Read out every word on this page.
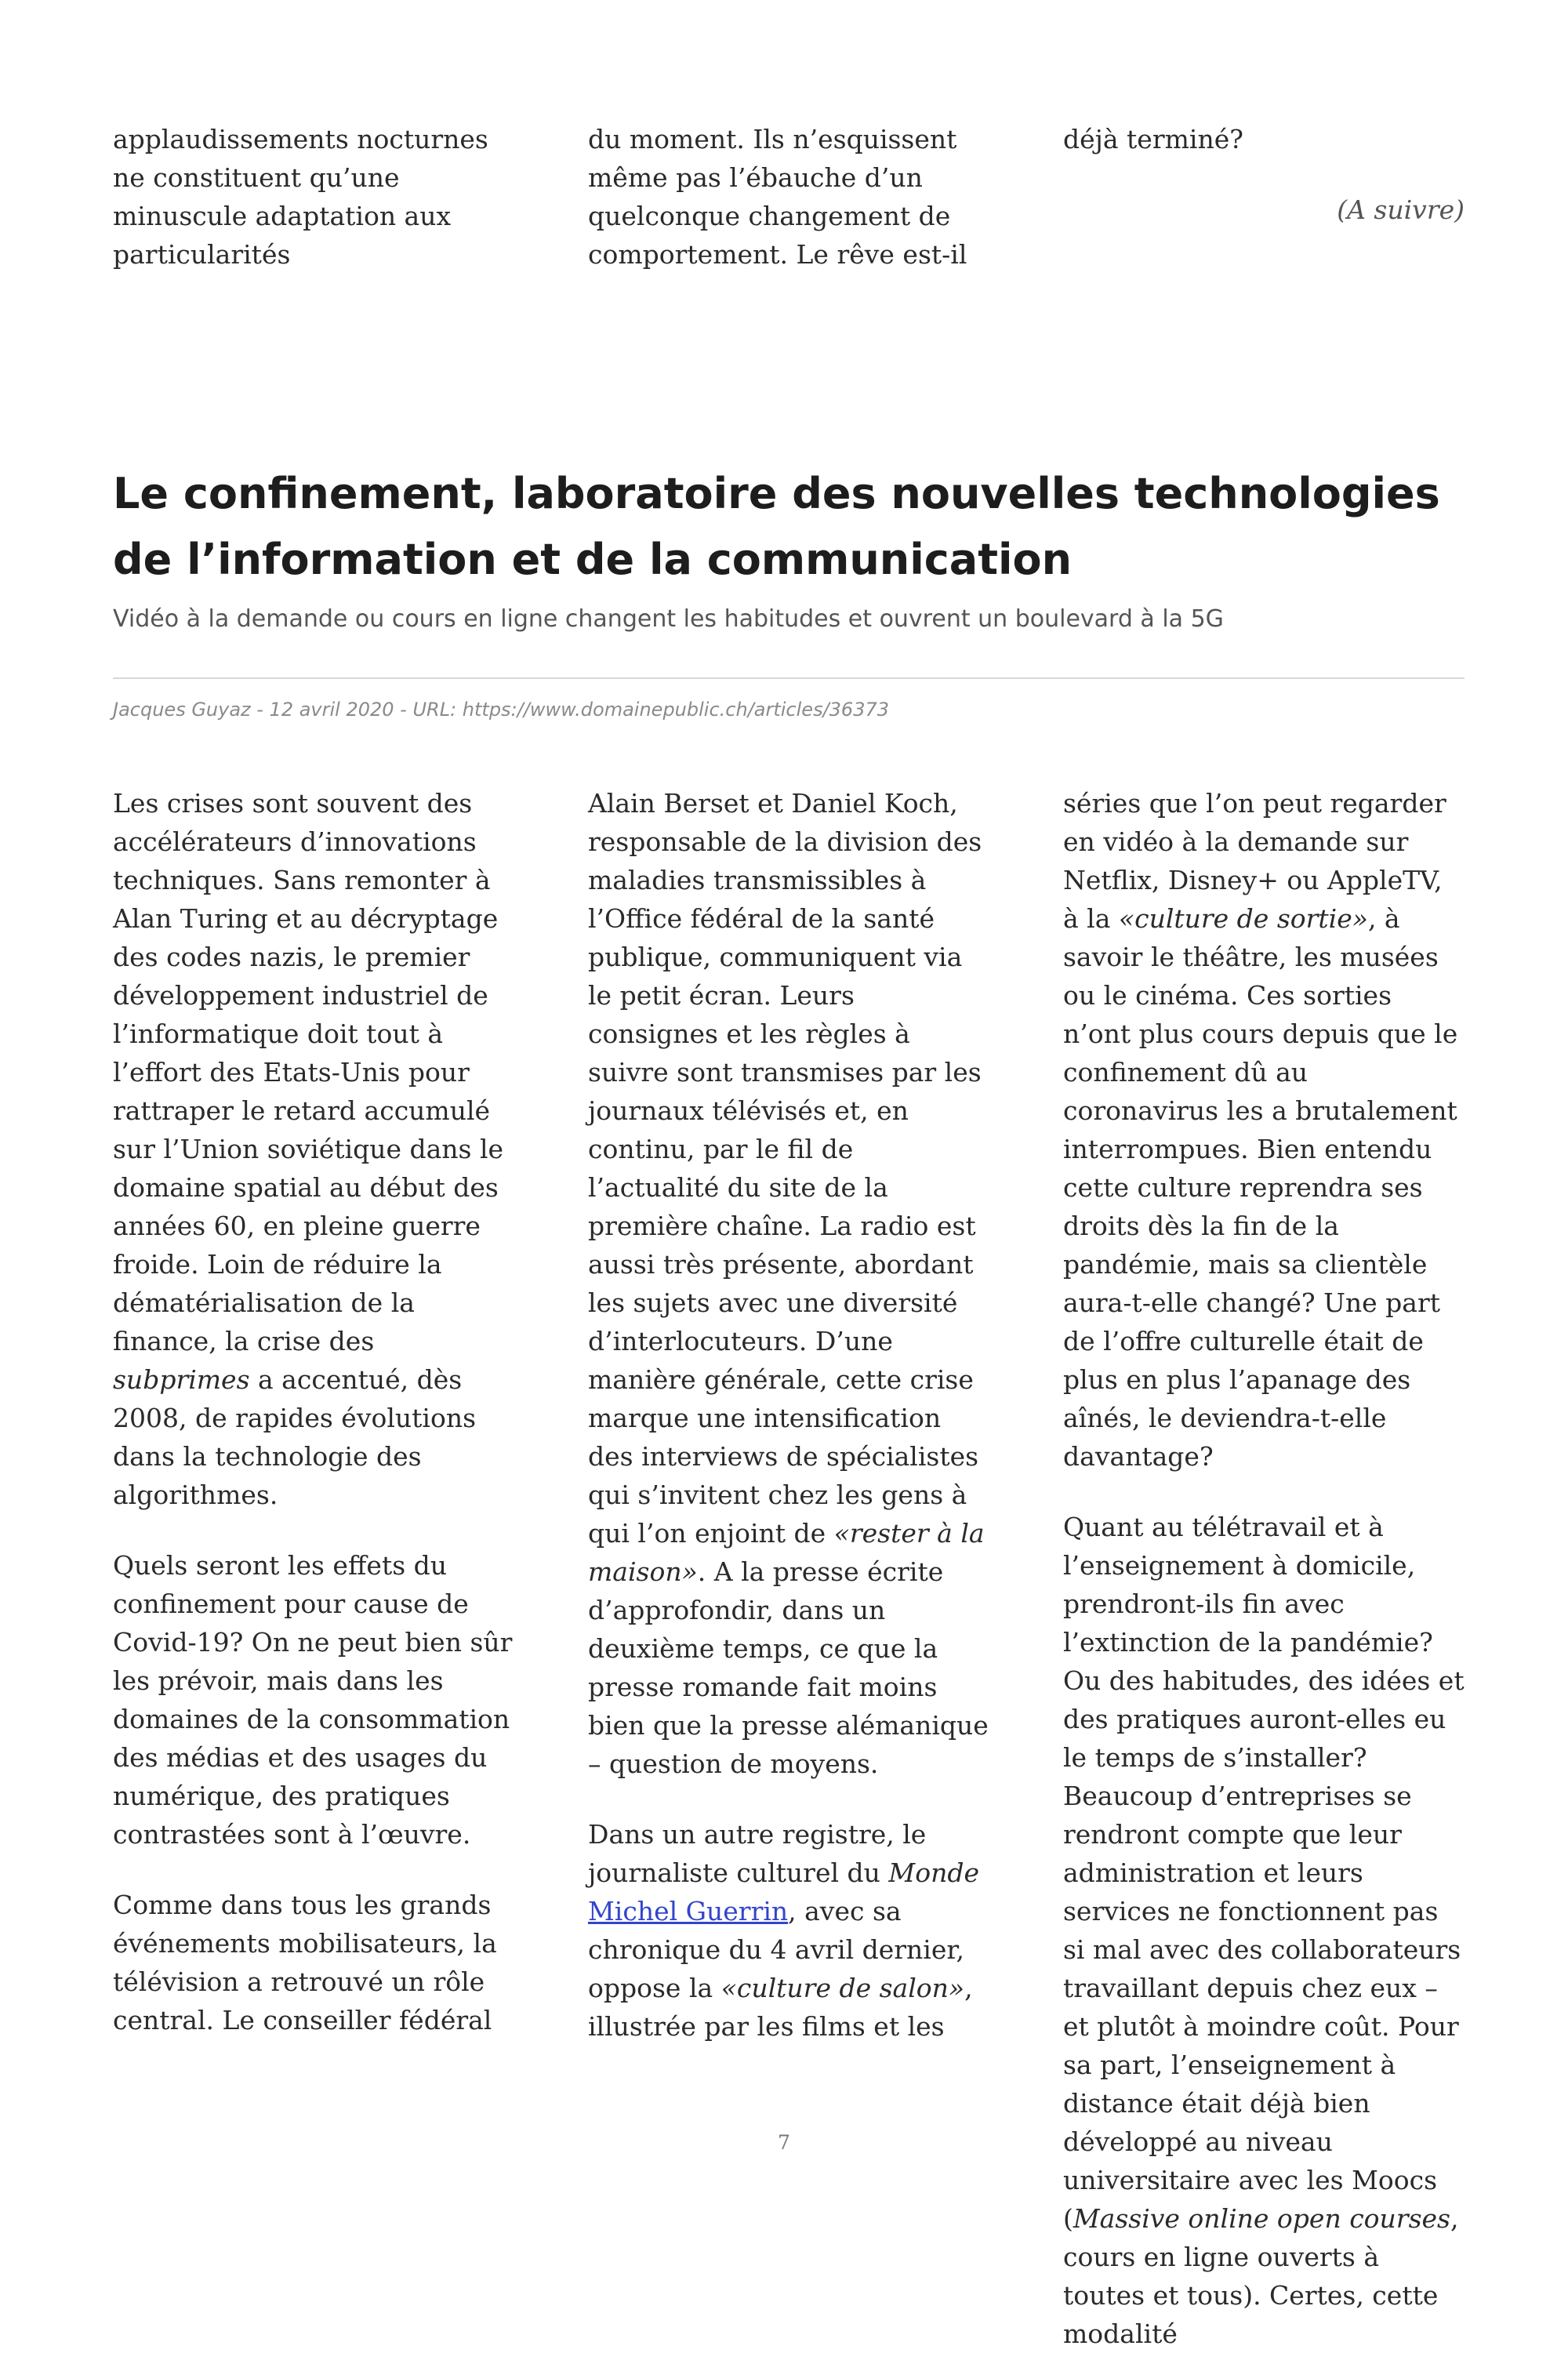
applaudissements nocturnes ne constituent qu’une minuscule adaptation aux particularités

du moment. Ils n’esquissent même pas l’ébauche d’un quelconque changement de comportement. Le rêve est-il

déjà terminé?

(A suivre)

Le confinement, laboratoire des nouvelles technologies de l’information et de la communication

Vidéo à la demande ou cours en ligne changent les habitudes et ouvrent un boulevard à la 5G

Jacques Guyaz - 12 avril 2020 - URL: https://www.domainepublic.ch/articles/36373

Les crises sont souvent des accélérateurs d’innovations techniques. Sans remonter à Alan Turing et au décryptage des codes nazis, le premier développement industriel de l’informatique doit tout à l’effort des Etats-Unis pour rattraper le retard accumulé sur l’Union soviétique dans le domaine spatial au début des années 60, en pleine guerre froide. Loin de réduire la dématérialisation de la finance, la crise des subprimes a accentué, dès 2008, de rapides évolutions dans la technologie des algorithmes.

Quels seront les effets du confinement pour cause de Covid-19? On ne peut bien sûr les prévoir, mais dans les domaines de la consommation des médias et des usages du numérique, des pratiques contrastées sont à l’œuvre.

Comme dans tous les grands événements mobilisateurs, la télévision a retrouvé un rôle central. Le conseiller fédéral

Alain Berset et Daniel Koch, responsable de la division des maladies transmissibles à l’Office fédéral de la santé publique, communiquent via le petit écran. Leurs consignes et les règles à suivre sont transmises par les journaux télévisés et, en continu, par le fil de l’actualité du site de la première chaîne. La radio est aussi très présente, abordant les sujets avec une diversité d’interlocuteurs. D’une manière générale, cette crise marque une intensification des interviews de spécialistes qui s’invitent chez les gens à qui l’on enjoint de «rester à la maison». A la presse écrite d’approfondir, dans un deuxième temps, ce que la presse romande fait moins bien que la presse alémanique – question de moyens.

Dans un autre registre, le journaliste culturel du Monde Michel Guerrin, avec sa chronique du 4 avril dernier, oppose la «culture de salon», illustrée par les films et les

séries que l’on peut regarder en vidéo à la demande sur Netflix, Disney+ ou AppleTV, à la «culture de sortie», à savoir le théâtre, les musées ou le cinéma. Ces sorties n’ont plus cours depuis que le confinement dû au coronavirus les a brutalement interrompues. Bien entendu cette culture reprendra ses droits dès la fin de la pandémie, mais sa clientèle aura-t-elle changé? Une part de l’offre culturelle était de plus en plus l’apanage des aînés, le deviendra-t-elle davantage?

Quant au télétravail et à l’enseignement à domicile, prendront-ils fin avec l’extinction de la pandémie? Ou des habitudes, des idées et des pratiques auront-elles eu le temps de s’installer? Beaucoup d’entreprises se rendront compte que leur administration et leurs services ne fonctionnent pas si mal avec des collaborateurs travaillant depuis chez eux – et plutôt à moindre coût. Pour sa part, l’enseignement à distance était déjà bien développé au niveau universitaire avec les Moocs (Massive online open courses, cours en ligne ouverts à toutes et tous). Certes, cette modalité

7
